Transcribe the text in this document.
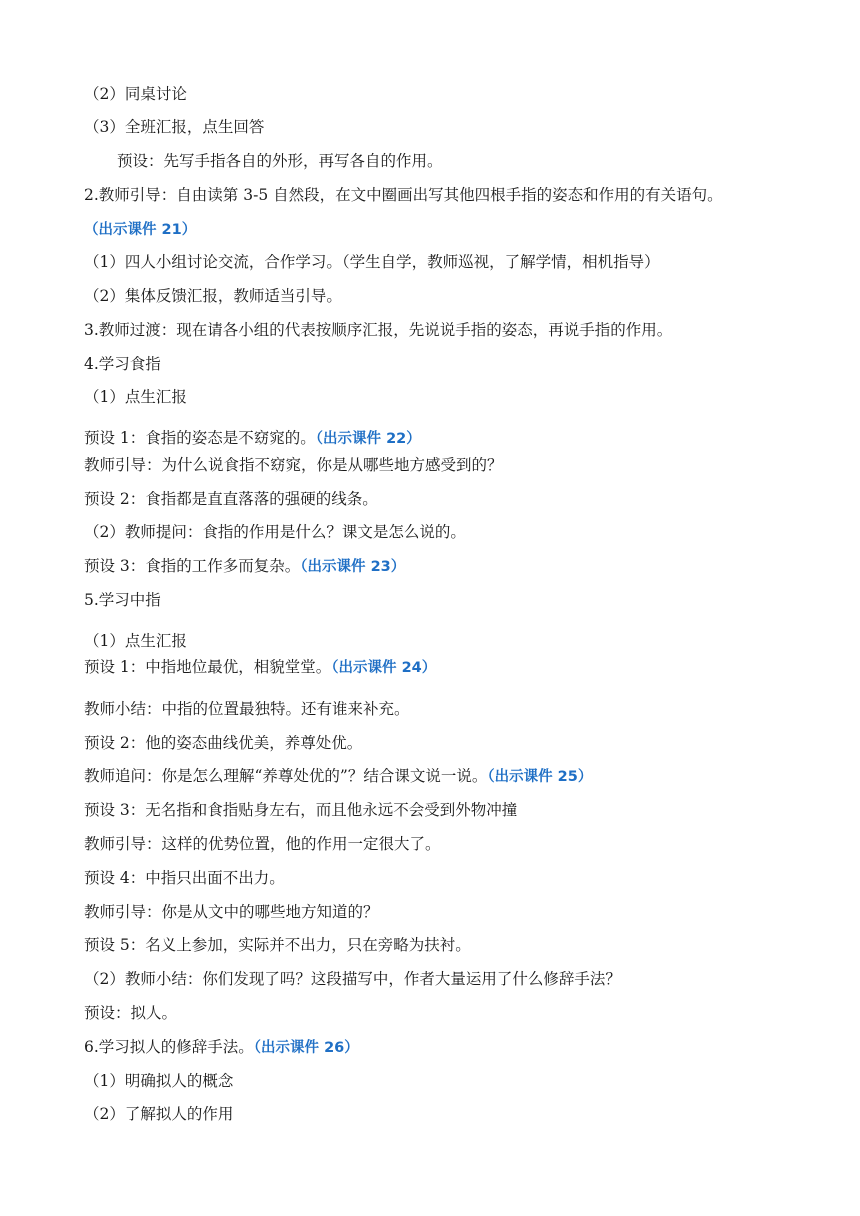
（2）同桌讨论
（3）全班汇报，点生回答
预设：先写手指各自的外形，再写各自的作用。
2.教师引导：自由读第 3-5 自然段，在文中圈画出写其他四根手指的姿态和作用的有关语句。
（出示课件 21）
（1）四人小组讨论交流，合作学习。（学生自学，教师巡视，了解学情，相机指导）
（2）集体反馈汇报，教师适当引导。
3.教师过渡：现在请各小组的代表按顺序汇报，先说说手指的姿态，再说手指的作用。
4.学习食指
（1）点生汇报
预设 1：食指的姿态是不窈窕的。（出示课件 22）
教师引导：为什么说食指不窈窕，你是从哪些地方感受到的？
预设 2：食指都是直直落落的强硬的线条。
（2）教师提问：食指的作用是什么？课文是怎么说的。
预设 3：食指的工作多而复杂。（出示课件 23）
5.学习中指
（1）点生汇报
预设 1：中指地位最优，相貌堂堂。（出示课件 24）
教师小结：中指的位置最独特。还有谁来补充。
预设 2：他的姿态曲线优美，养尊处优。
教师追问：你是怎么理解“养尊处优的”？结合课文说一说。（出示课件 25）
预设 3：无名指和食指贴身左右，而且他永远不会受到外物冲撞
教师引导：这样的优势位置，他的作用一定很大了。
预设 4：中指只出面不出力。
教师引导：你是从文中的哪些地方知道的？
预设 5：名义上参加，实际并不出力，只在旁略为扶衬。
（2）教师小结：你们发现了吗？这段描写中，作者大量运用了什么修辞手法？
预设：拟人。
6.学习拟人的修辞手法。（出示课件 26）
（1）明确拟人的概念
（2）了解拟人的作用
